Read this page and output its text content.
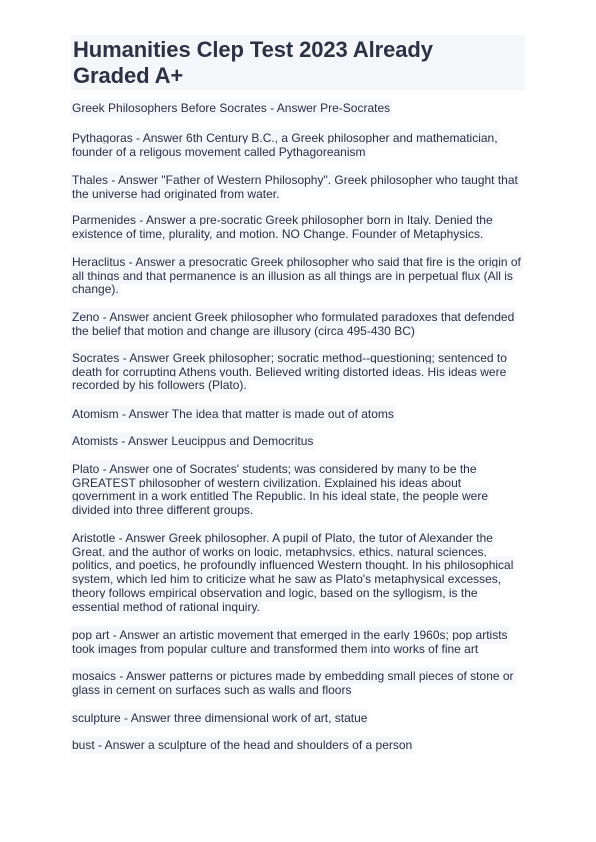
Humanities Clep Test 2023 Already
Graded A+
Greek Philosophers Before Socrates - Answer Pre-Socrates
Pythagoras - Answer 6th Century B.C., a Greek philosopher and mathematician,
founder of a religous movement called Pythagoreanism
Thales - Answer "Father of Western Philosophy". Greek philosopher who taught that
the universe had originated from water.
Parmenides - Answer a pre-socratic Greek philosopher born in Italy. Denied the
existence of time, plurality, and motion. NO Change. Founder of Metaphysics.
Heraclitus - Answer a presocratic Greek philosopher who said that fire is the origin of
all things and that permanence is an illusion as all things are in perpetual flux (All is
change).
Zeno - Answer ancient Greek philosopher who formulated paradoxes that defended
the belief that motion and change are illusory (circa 495-430 BC)
Socrates - Answer Greek philosopher; socratic method--questioning; sentenced to
death for corrupting Athens youth. Believed writing distorted ideas. His ideas were
recorded by his followers (Plato).
Atomism - Answer The idea that matter is made out of atoms
Atomists - Answer Leucippus and Democritus
Plato - Answer one of Socrates' students; was considered by many to be the
GREATEST philosopher of western civilization. Explained his ideas about
government in a work entitled The Republic. In his ideal state, the people were
divided into three different groups.
Aristotle - Answer Greek philosopher. A pupil of Plato, the tutor of Alexander the
Great, and the author of works on logic, metaphysics, ethics, natural sciences,
politics, and poetics, he profoundly influenced Western thought. In his philosophical
system, which led him to criticize what he saw as Plato's metaphysical excesses,
theory follows empirical observation and logic, based on the syllogism, is the
essential method of rational inquiry.
pop art - Answer an artistic movement that emerged in the early 1960s; pop artists
took images from popular culture and transformed them into works of fine art
mosaics - Answer patterns or pictures made by embedding small pieces of stone or
glass in cement on surfaces such as walls and floors
sculpture - Answer three dimensional work of art, statue
bust - Answer a sculpture of the head and shoulders of a person
